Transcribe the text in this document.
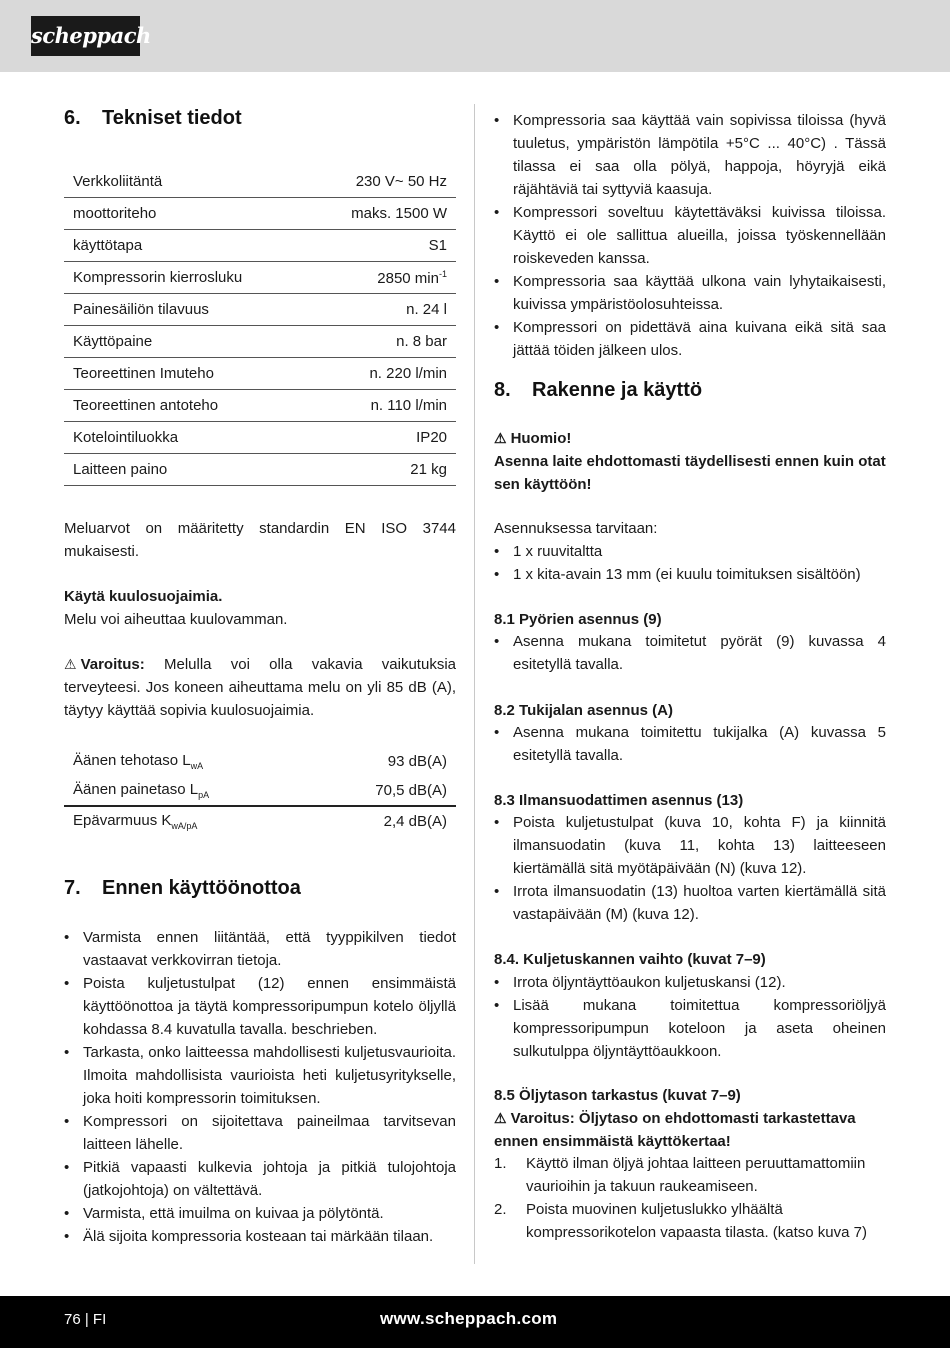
scheppach
6. Tekniset tiedot
Verkkoliitäntä	230 V~ 50 Hz
moottoriteho	maks. 1500 W
käyttötapa	S1
Kompressorin kierrosluku	2850 $\min^{-1}$
Painesäiliön tilavuus	n. 24 l
Käyttöpaine	n. 8 bar
Teoreettinen Imuteho	n. 220 l/min
Teoreettinen antoteho	n. 110 l/min
Kotelointiluokka	IP20
Laitteen paino	21 kg

Meluarvot on määritetty standardin EN ISO 3744 mukaisesti.

Käytä kuulosuojaimia.

Melu voi aiheuttaa kuulovamman.

⚠ Varoitus: Melulla voi olla vakavia vaikutuksia terveyteesi. Jos koneen aiheuttama melu on yli 85 dB (A), täytyy käyttää sopivia kuulosuojaimia.

Äänen tehotaso $L_{wA}$	93 dB(A)
Äänen painetaso $L_{pA}$	70,5 dB(A)
Epävarmuus $K_{wA/pA}$	2,4 dB(A)
7. Ennen käyttöönottoa
• Varmista ennen liitäntää, että tyyppikilven tiedot vastaavat verkkovirran tietoja.
• Poista kuljetustulpat (12) ennen ensimmäistä käyttöönottoa ja täytä kompressoripumpun kotelo öljyllä kohdassa 8.4 kuvatulla tavalla. beschrieben.
• Tarkasta, onko laitteessa mahdollisesti kuljetusvaurioita. Ilmoita mahdollisista vaurioista heti kuljetusyritykselle, joka hoiti kompressorin toimituksen.
• Kompressori on sijoitettava paineilmaa tarvitsevan laitteen lähelle.
• Pitkiä vapaasti kulkevia johtoja ja pitkiä tulojohtoja (jatkojohtoja) on vältettävä.
• Varmista, että imuilma on kuivaa ja pölytöntä.
• Älä sijoita kompressoria kosteaan tai märkään tilaan.
• Kompressoria saa käyttää vain sopivissa tiloissa (hyvä tuuletus, ympäristön lämpötila +5°C ... 40°C) . Tässä tilassa ei saa olla pölyä, happoja, höyryjä eikä räjähtäviä tai syttyviä kaasuja.
• Kompressori soveltuu käytettäväksi kuivissa tiloissa. Käyttö ei ole sallittua alueilla, joissa työskennellään roiskeveden kanssa.
• Kompressoria saa käyttää ulkona vain lyhytaikaisesti, kuivissa ympäristöolosuhteissa.
• Kompressori on pidettävä aina kuivana eikä sitä saa jättää töiden jälkeen ulos.
8. Rakenne ja käyttö

⚠ Huomio!

Asenna laite ehdottomasti täydellisesti ennen kuin otat sen käyttöön!

Asennuksessa tarvitaan:

• 1 x ruuvitaltta
• 1 x kita-avain 13 mm (ei kuulu toimituksen sisältöön)

8.1 Pyörien asennus (9)

• Asenna mukana toimitetut pyörät (9) kuvassa 4 esitetyllä tavalla.

8.2 Tukijalan asennus (A)

• Asenna mukana toimitettu tukijalka (A) kuvassa 5 esitetyllä tavalla.

8.3 Ilmansuodattimen asennus (13)

• Poista kuljetustulpat (kuva 10, kohta F) ja kiinnitä ilmansuodatin (kuva 11, kohta 13) laitteeseen kiertämällä sitä myötäpäivään (N) (kuva 12).
• Irrota ilmansuodatin (13) huoltoa varten kiertämällä sitä vastapäivään (M) (kuva 12).

8.4. Kuljetuskannen vaihto (kuvat 7–9)

• Irrota öljyntäyttöaukon kuljetuskansi (12).
• Lisää mukana toimitettua kompressoriöljyä kompressoripumpun koteloon ja aseta oheinen sulkutulppa öljyntäyttöaukkoon.

8.5 Öljytason tarkastus (kuvat 7–9)

⚠ Varoitus: Öljytaso on ehdottomasti tarkastettava ennen ensimmäistä käyttökertaa!

1. Käyttö ilman öljyä johtaa laitteen peruuttamattomiin vaurioihin ja takuun raukeamiseen.
2. Poista muovinen kuljetuslukko ylhäältä kompressorikotelon vapaasta tilasta. (katso kuva 7)
76 | FI	www.scheppach.com
